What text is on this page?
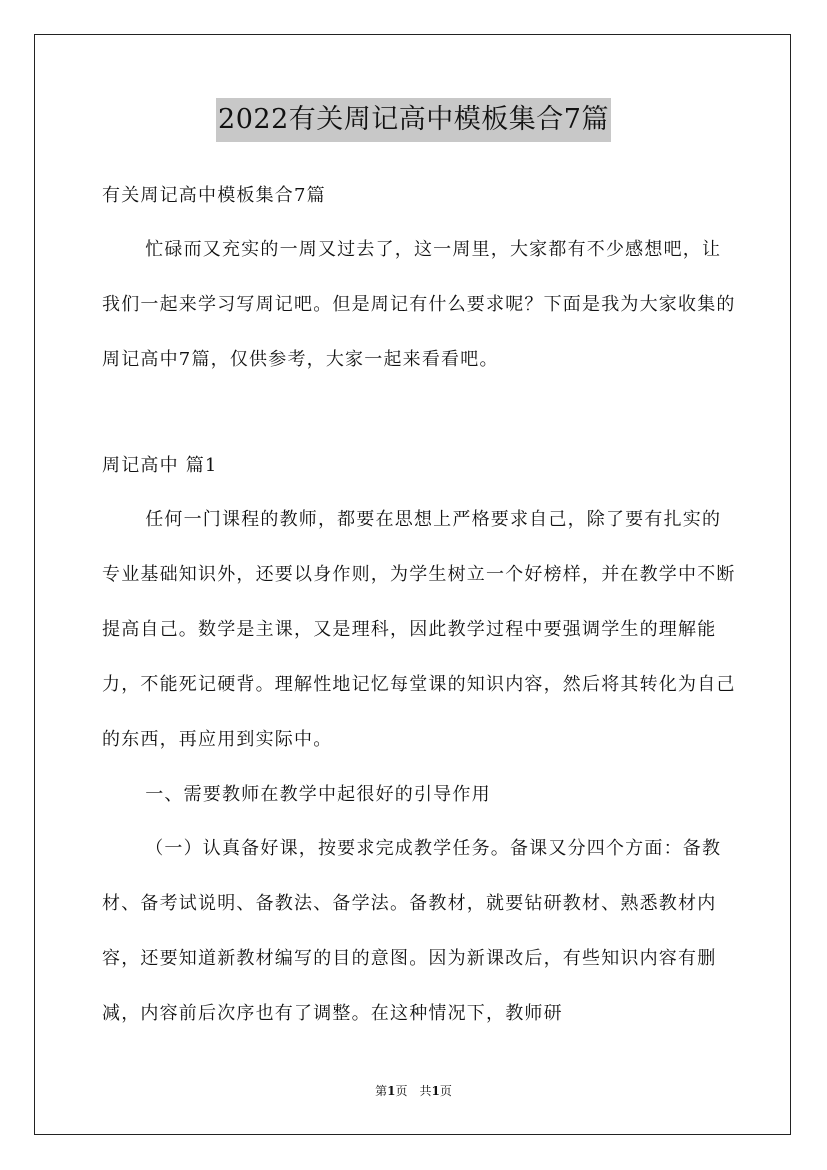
2022有关周记高中模板集合7篇
有关周记高中模板集合7篇
忙碌而又充实的一周又过去了，这一周里，大家都有不少感想吧，让我们一起来学习写周记吧。但是周记有什么要求呢？下面是我为大家收集的周记高中7篇，仅供参考，大家一起来看看吧。
周记高中 篇1
任何一门课程的教师，都要在思想上严格要求自己，除了要有扎实的专业基础知识外，还要以身作则，为学生树立一个好榜样，并在教学中不断提高自己。数学是主课，又是理科，因此教学过程中要强调学生的理解能力，不能死记硬背。理解性地记忆每堂课的知识内容，然后将其转化为自己的东西，再应用到实际中。
一、需要教师在教学中起很好的引导作用
（一）认真备好课，按要求完成教学任务。备课又分四个方面：备教材、备考试说明、备教法、备学法。备教材，就要钻研教材、熟悉教材内容，还要知道新教材编写的目的意图。因为新课改后，有些知识内容有删减，内容前后次序也有了调整。在这种情况下，教师研
第1页　共1页
